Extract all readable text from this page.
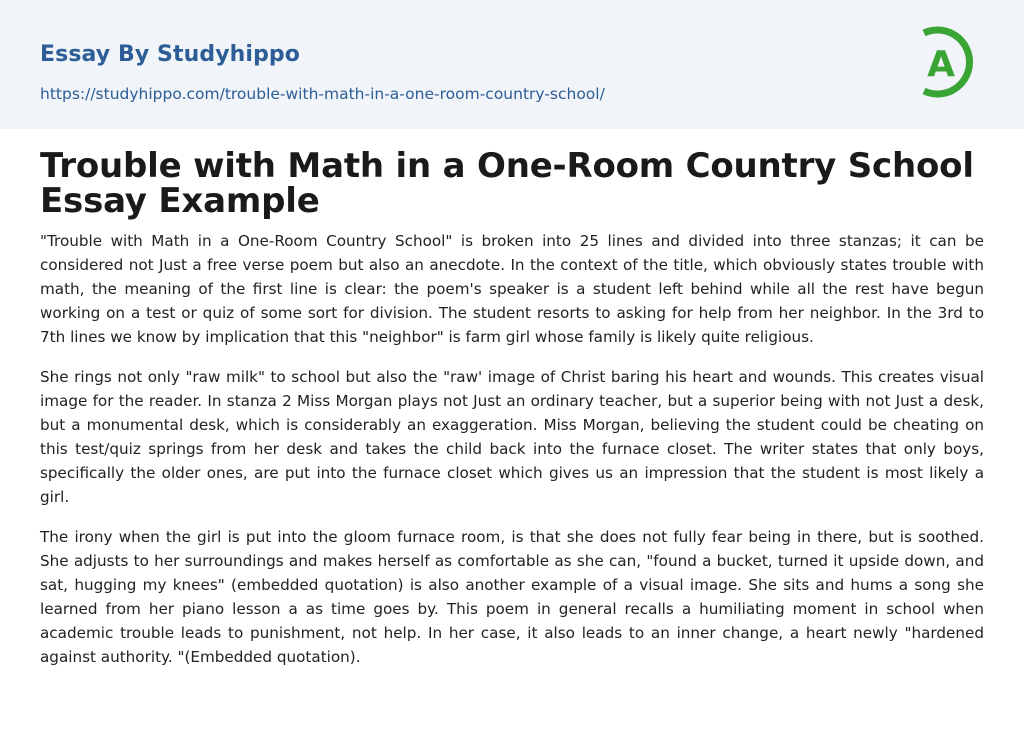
Essay By Studyhippo
https://studyhippo.com/trouble-with-math-in-a-one-room-country-school/
A
Trouble with Math in a One-Room Country School Essay Example

"Trouble with Math in a One-Room Country School" is broken into 25 lines and divided into three stanzas; it can be considered not Just a free verse poem but also an anecdote. In the context of the title, which obviously states trouble with math, the meaning of the first line is clear: the poem's speaker is a student left behind while all the rest have begun working on a test or quiz of some sort for division. The student resorts to asking for help from her neighbor. In the 3rd to 7th lines we know by implication that this "neighbor" is farm girl whose family is likely quite religious.

She rings not only "raw milk" to school but also the "raw' image of Christ baring his heart and wounds. This creates visual image for the reader. In stanza 2 Miss Morgan plays not Just an ordinary teacher, but a superior being with not Just a desk, but a monumental desk, which is considerably an exaggeration. Miss Morgan, believing the student could be cheating on this test/quiz springs from her desk and takes the child back into the furnace closet. The writer states that only boys, specifically the older ones, are put into the furnace closet which gives us an impression that the student is most likely a girl.

The irony when the girl is put into the gloom furnace room, is that she does not fully fear being in there, but is soothed. She adjusts to her surroundings and makes herself as comfortable as she can, "found a bucket, turned it upside down, and sat, hugging my knees" (embedded quotation) is also another example of a visual image. She sits and hums a song she learned from her piano lesson a as time goes by. This poem in general recalls a humiliating moment in school when academic trouble leads to punishment, not help. In her case, it also leads to an inner change, a heart newly "hardened against authority. "(Embedded quotation).
